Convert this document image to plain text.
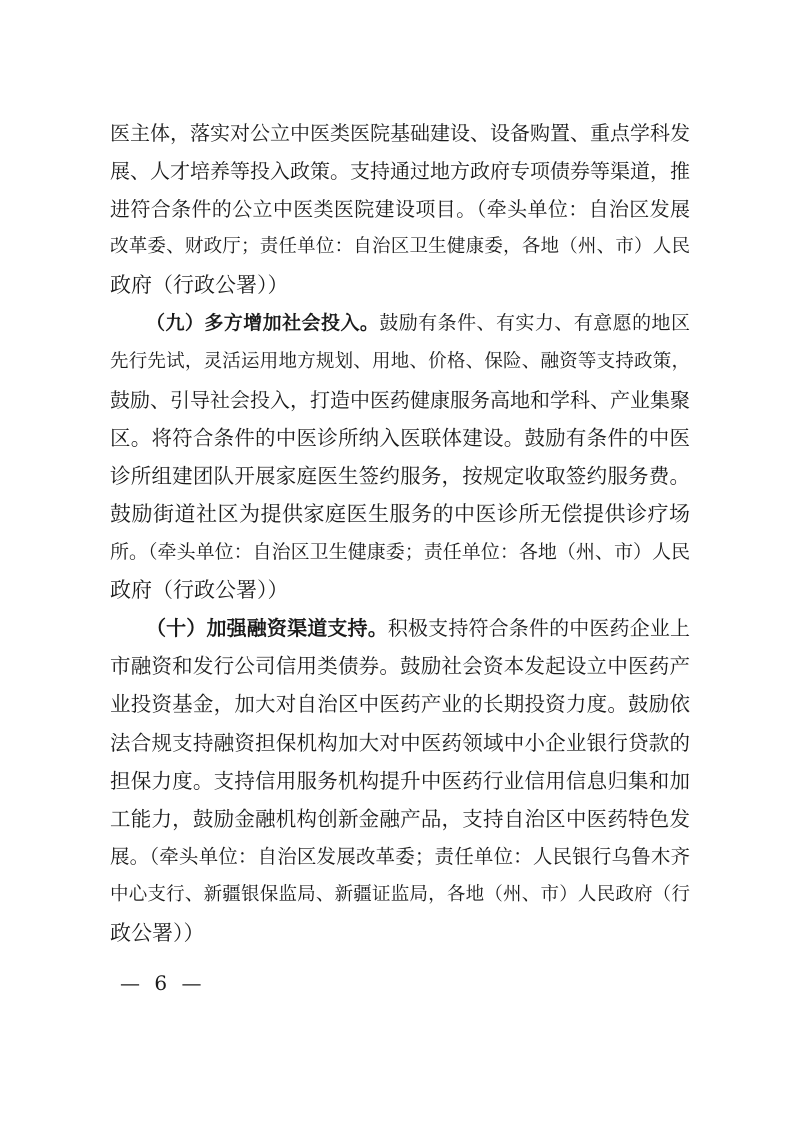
医主体，落实对公立中医类医院基础建设、设备购置、重点学科发
展、人才培养等投入政策。支持通过地方政府专项债券等渠道，推
进符合条件的公立中医类医院建设项目。（牵头单位：自治区发展
改革委、财政厅；责任单位：自治区卫生健康委，各地（州、市）人民
政府（行政公署））
（九）多方增加社会投入。鼓励有条件、有实力、有意愿的地区
先行先试，灵活运用地方规划、用地、价格、保险、融资等支持政策，
鼓励、引导社会投入，打造中医药健康服务高地和学科、产业集聚
区。将符合条件的中医诊所纳入医联体建设。鼓励有条件的中医
诊所组建团队开展家庭医生签约服务，按规定收取签约服务费。
鼓励街道社区为提供家庭医生服务的中医诊所无偿提供诊疗场
所。（牵头单位：自治区卫生健康委；责任单位：各地（州、市）人民
政府（行政公署））
（十）加强融资渠道支持。积极支持符合条件的中医药企业上
市融资和发行公司信用类债券。鼓励社会资本发起设立中医药产
业投资基金，加大对自治区中医药产业的长期投资力度。鼓励依
法合规支持融资担保机构加大对中医药领域中小企业银行贷款的
担保力度。支持信用服务机构提升中医药行业信用信息归集和加
工能力，鼓励金融机构创新金融产品，支持自治区中医药特色发
展。（牵头单位：自治区发展改革委；责任单位：人民银行乌鲁木齐
中心支行、新疆银保监局、新疆证监局，各地（州、市）人民政府（行
政公署））
— 6 —
